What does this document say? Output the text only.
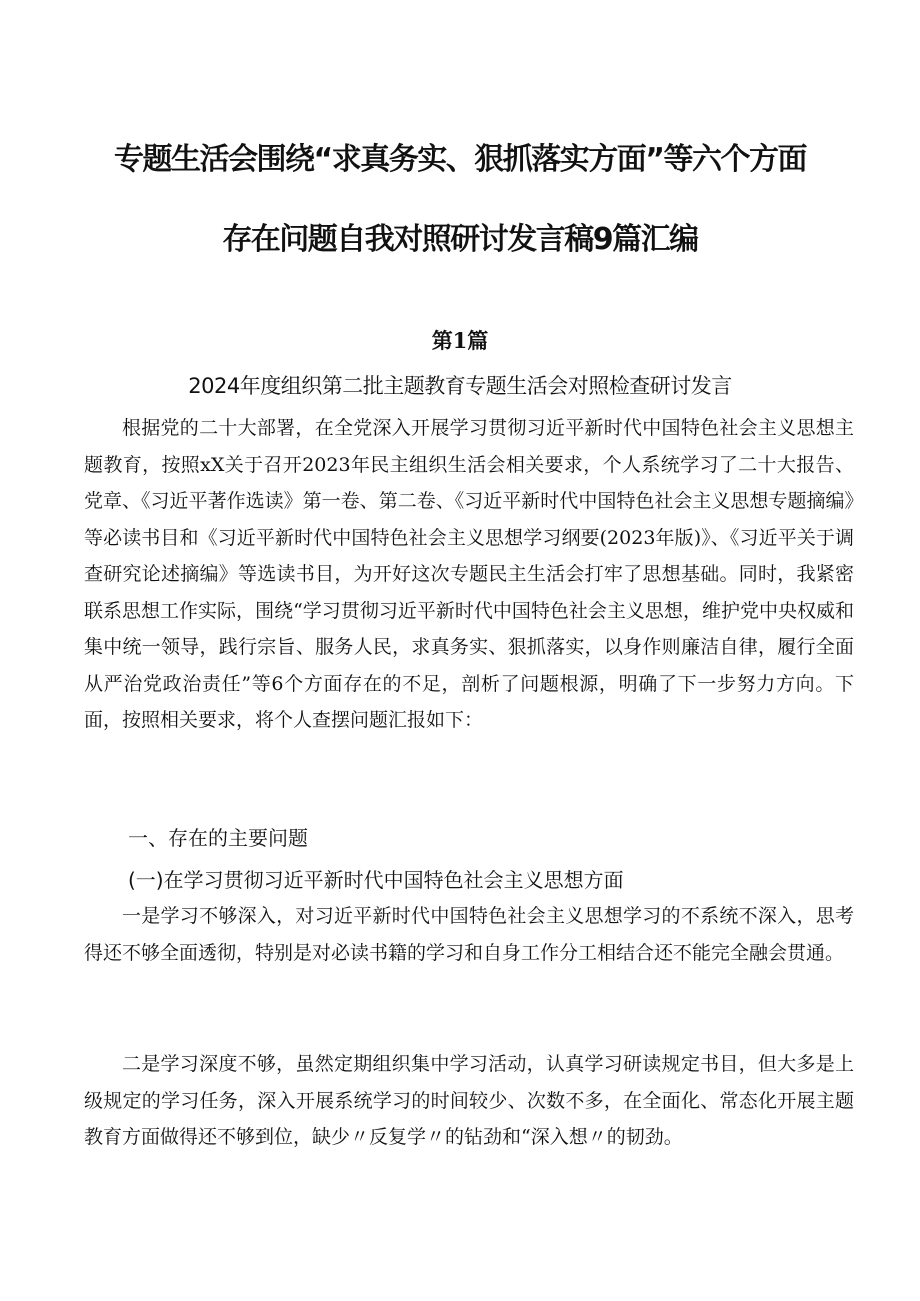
专题生活会围绕“求真务实、狠抓落实方面”等六个方面
存在问题自我对照研讨发言稿9篇汇编
第1篇
2024年度组织第二批主题教育专题生活会对照检查研讨发言

根据党的二十大部署，在全党深入开展学习贯彻习近平新时代中国特色社会主义思想主题教育，按照xX关于召开2023年民主组织生活会相关要求，个人系统学习了二十大报告、党章、《习近平著作选读》第一卷、第二卷、《习近平新时代中国特色社会主义思想专题摘编》等必读书目和《习近平新时代中国特色社会主义思想学习纲要(2023年版)》、《习近平关于调查研究论述摘编》等选读书目，为开好这次专题民主生活会打牢了思想基础。同时，我紧密联系思想工作实际，围绕“学习贯彻习近平新时代中国特色社会主义思想，维护党中央权威和集中统一领导，践行宗旨、服务人民，求真务实、狠抓落实，以身作则廉洁自律，履行全面从严治党政治责任”等6个方面存在的不足，剖析了问题根源，明确了下一步努力方向。下面，按照相关要求，将个人查摆问题汇报如下：

一、存在的主要问题
(一)在学习贯彻习近平新时代中国特色社会主义思想方面

一是学习不够深入，对习近平新时代中国特色社会主义思想学习的不系统不深入，思考得还不够全面透彻，特别是对必读书籍的学习和自身工作分工相结合还不能完全融会贯通。

二是学习深度不够，虽然定期组织集中学习活动，认真学习研读规定书目，但大多是上级规定的学习任务，深入开展系统学习的时间较少、次数不多，在全面化、常态化开展主题教育方面做得还不够到位，缺少〃反复学〃的钻劲和“深入想〃的韧劲。
